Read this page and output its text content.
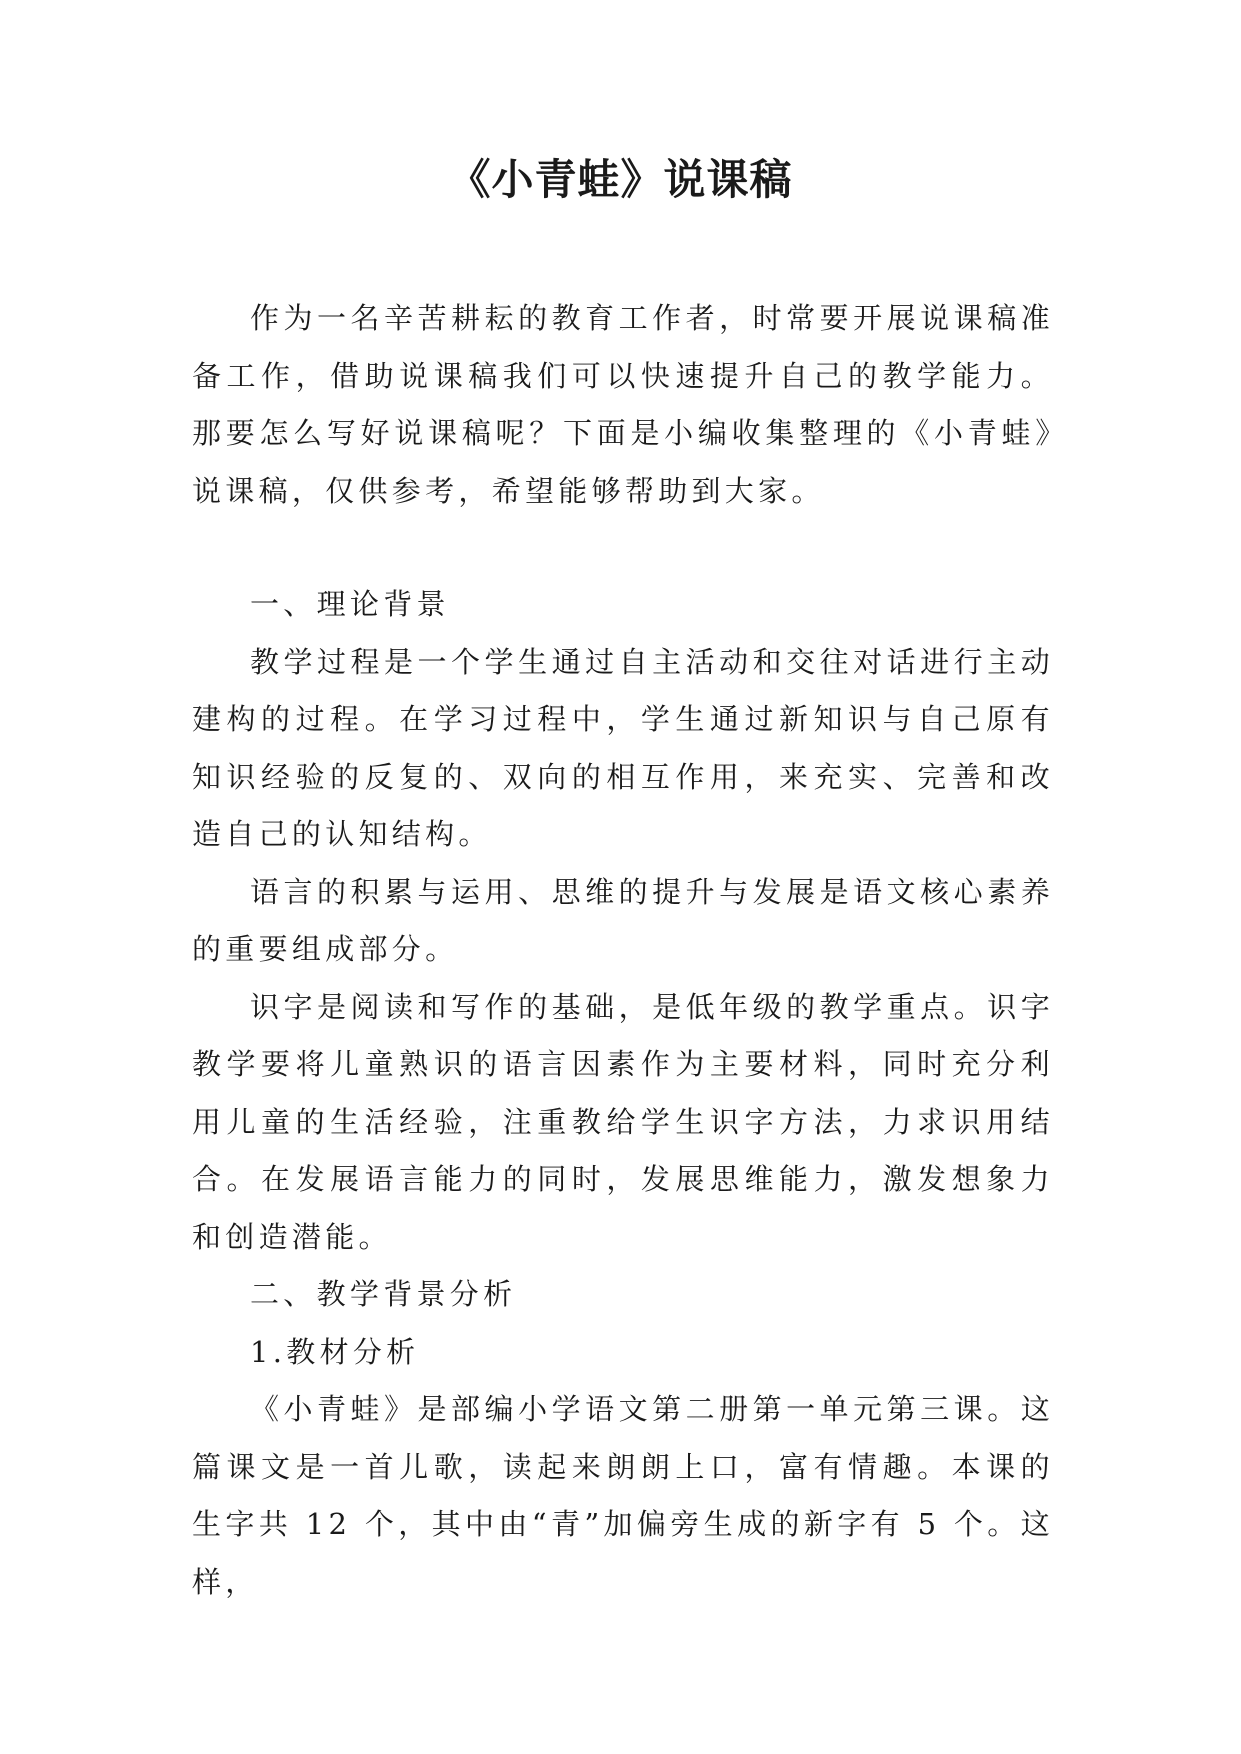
《小青蛙》说课稿

作为一名辛苦耕耘的教育工作者，时常要开展说课稿准备工作，借助说课稿我们可以快速提升自己的教学能力。那要怎么写好说课稿呢？下面是小编收集整理的《小青蛙》说课稿，仅供参考，希望能够帮助到大家。

一、理论背景

教学过程是一个学生通过自主活动和交往对话进行主动建构的过程。在学习过程中，学生通过新知识与自己原有知识经验的反复的、双向的相互作用，来充实、完善和改造自己的认知结构。

语言的积累与运用、思维的提升与发展是语文核心素养的重要组成部分。

识字是阅读和写作的基础，是低年级的教学重点。识字教学要将儿童熟识的语言因素作为主要材料，同时充分利用儿童的生活经验，注重教给学生识字方法，力求识用结合。在发展语言能力的同时，发展思维能力，激发想象力和创造潜能。

二、教学背景分析

1.教材分析

《小青蛙》是部编小学语文第二册第一单元第三课。这篇课文是一首儿歌，读起来朗朗上口，富有情趣。本课的生字共 12 个，其中由“青”加偏旁生成的新字有 5 个。这样，
